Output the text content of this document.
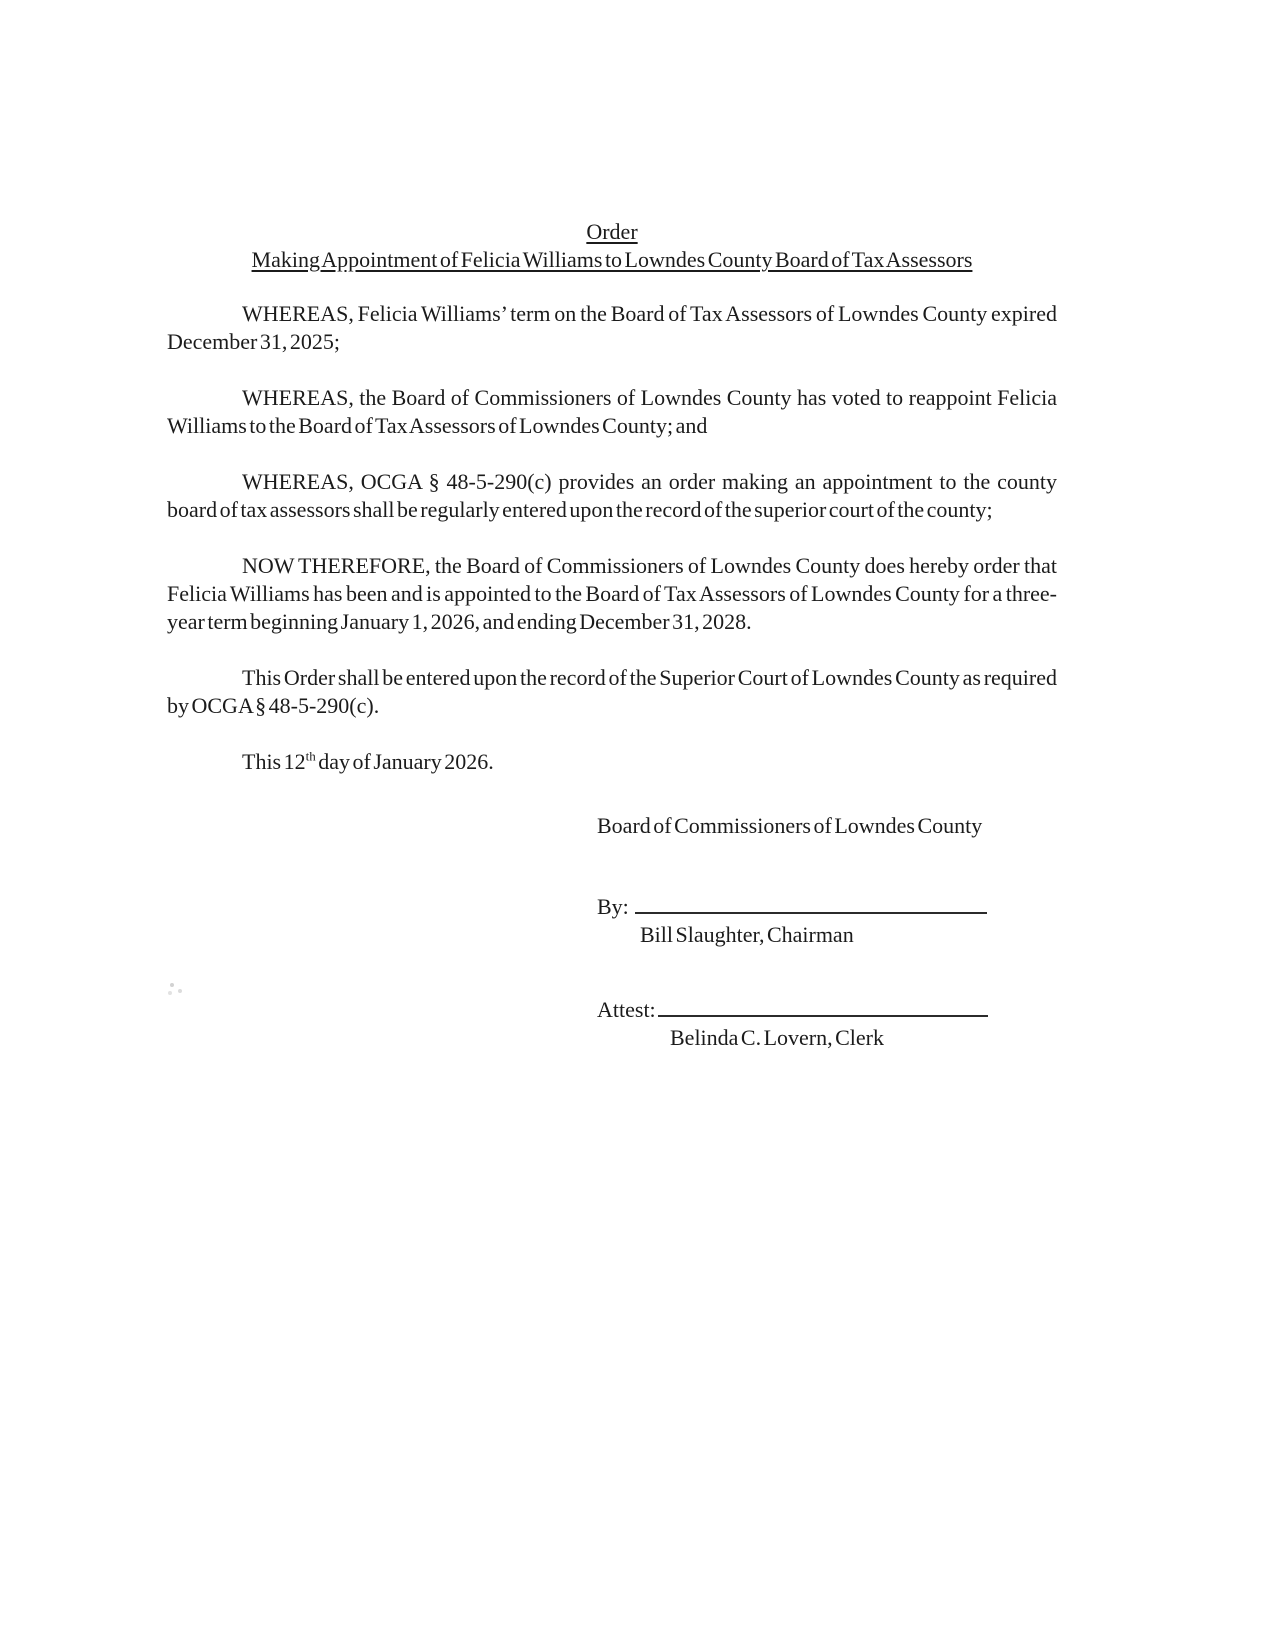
Order
Making Appointment of Felicia Williams to Lowndes County Board of Tax Assessors

WHEREAS, Felicia Williams’ term on the Board of Tax Assessors of Lowndes County expired December 31, 2025;

WHEREAS, the Board of Commissioners of Lowndes County has voted to reappoint Felicia Williams to the Board of Tax Assessors of Lowndes County; and

WHEREAS, OCGA § 48-5-290(c) provides an order making an appointment to the county board of tax assessors shall be regularly entered upon the record of the superior court of the county;

NOW THEREFORE, the Board of Commissioners of Lowndes County does hereby order that Felicia Williams has been and is appointed to the Board of Tax Assessors of Lowndes County for a three-year term beginning January 1, 2026, and ending December 31, 2028.

This Order shall be entered upon the record of the Superior Court of Lowndes County as required by OCGA § 48-5-290(c).

This 12th day of January 2026.

Board of Commissioners of Lowndes County
By:
Bill Slaughter, Chairman
Attest:
Belinda C. Lovern, Clerk
